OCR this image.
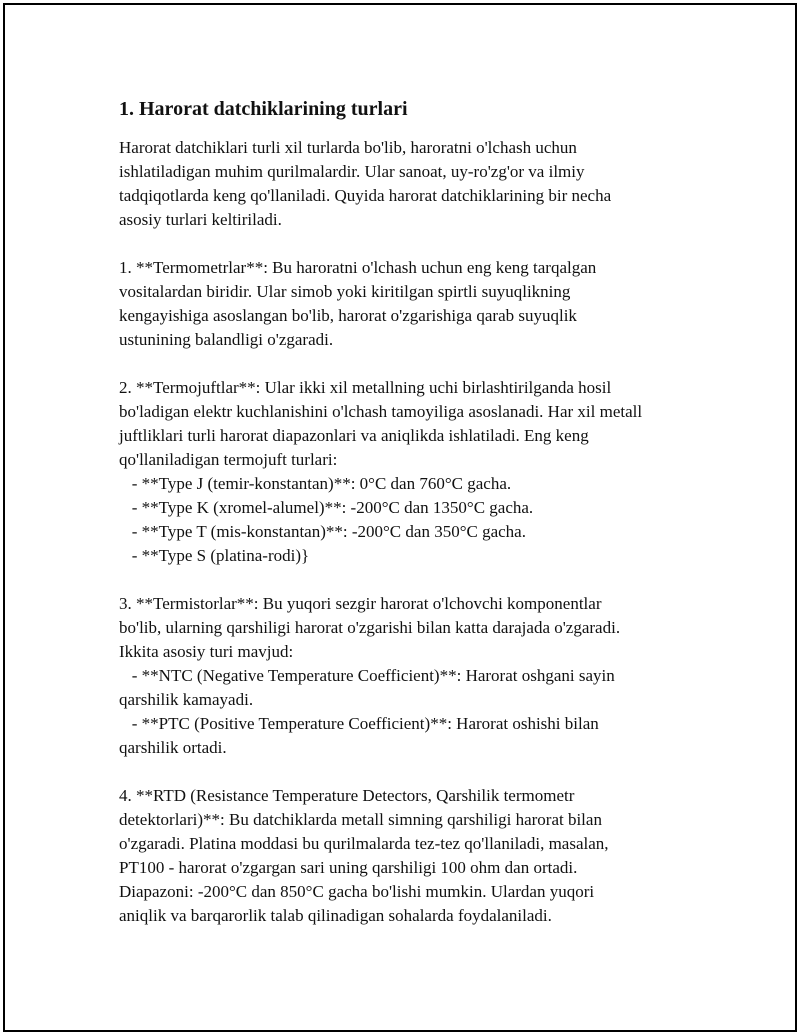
1. Harorat datchiklarining turlari
Harorat datchiklari turli xil turlarda bo'lib, haroratni o'lchash uchun
ishlatiladigan muhim qurilmalardir. Ular sanoat, uy-ro'zg'or va ilmiy
tadqiqotlarda keng qo'llaniladi. Quyida harorat datchiklarining bir necha
asosiy turlari keltiriladi.
1. **Termometrlar**: Bu haroratni o'lchash uchun eng keng tarqalgan
vositalardan biridir. Ular simob yoki kiritilgan spirtli suyuqlikning
kengayishiga asoslangan bo'lib, harorat o'zgarishiga qarab suyuqlik
ustunining balandligi o'zgaradi.
2. **Termojuftlar**: Ular ikki xil metallning uchi birlashtirilganda hosil
bo'ladigan elektr kuchlanishini o'lchash tamoyiliga asoslanadi. Har xil metall
juftliklari turli harorat diapazonlari va aniqlikda ishlatiladi. Eng keng
qo'llaniladigan termojuft turlari:
- **Type J (temir-konstantan)**: 0°C dan 760°C gacha.
- **Type K (xromel-alumel)**: -200°C dan 1350°C gacha.
- **Type T (mis-konstantan)**: -200°C dan 350°C gacha.
- **Type S (platina-rodi)}
3. **Termistorlar**: Bu yuqori sezgir harorat o'lchovchi komponentlar
bo'lib, ularning qarshiligi harorat o'zgarishi bilan katta darajada o'zgaradi.
Ikkita asosiy turi mavjud:
- **NTC (Negative Temperature Coefficient)**: Harorat oshgani sayin
qarshilik kamayadi.
- **PTC (Positive Temperature Coefficient)**: Harorat oshishi bilan
qarshilik ortadi.
4. **RTD (Resistance Temperature Detectors, Qarshilik termometr
detektorlari)**: Bu datchiklarda metall simning qarshiligi harorat bilan
o'zgaradi. Platina moddasi bu qurilmalarda tez-tez qo'llaniladi, masalan,
PT100 - harorat o'zgargan sari uning qarshiligi 100 ohm dan ortadi.
Diapazoni: -200°C dan 850°C gacha bo'lishi mumkin. Ulardan yuqori
aniqlik va barqarorlik talab qilinadigan sohalarda foydalaniladi.
